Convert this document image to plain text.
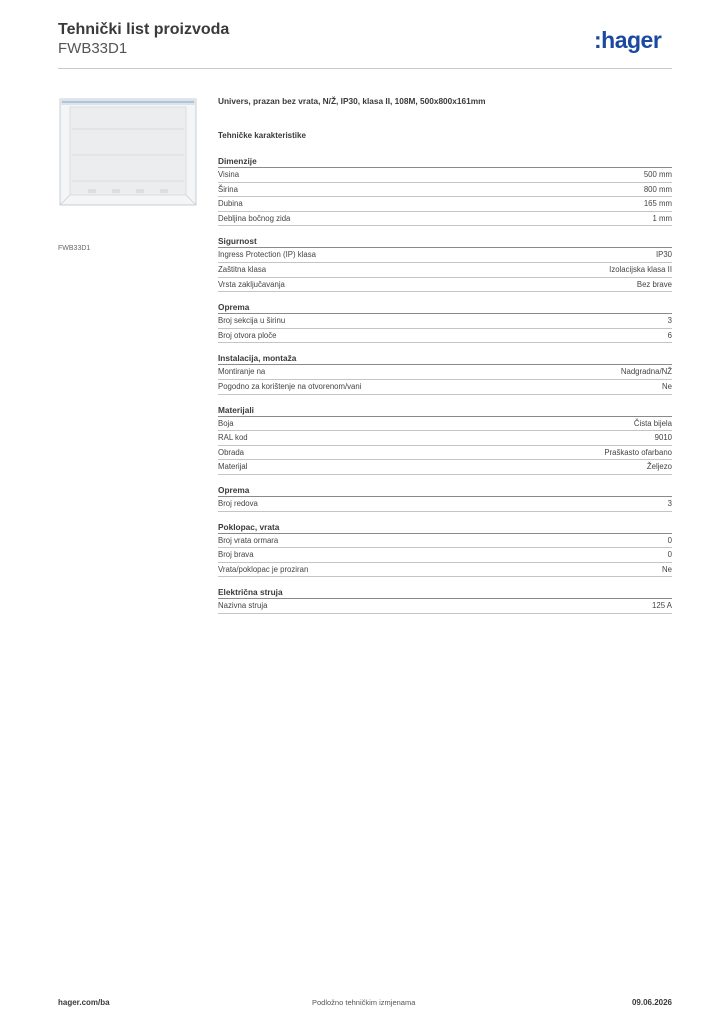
Tehnički list proizvoda
FWB33D1	:hager
FWB33D1
Univers, prazan bez vrata, N/Ž, IP30, klasa II, 108M, 500x800x161mm
Tehničke karakteristike
Dimenzije
Visina	500 mm
Širina	800 mm
Dubina	165 mm
Debljina bočnog zida	1 mm
Sigurnost
Ingress Protection (IP) klasa	IP30
Zaštitna klasa	Izolacijska klasa II
Vrsta zaključavanja	Bez brave
Oprema
Broj sekcija u širinu	3
Broj otvora ploče	6
Instalacija, montaža
Montiranje na	Nadgradna/NŽ
Pogodno za korištenje na otvorenom/vani	Ne
Materijali
Boja	Čista bijela
RAL kod	9010
Obrada	Praškasto ofarbano
Materijal	Željezo
Oprema
Broj redova	3
Poklopac, vrata
Broj vrata ormara	0
Broj brava	0
Vrata/poklopac je proziran	Ne
Električna struja
Nazivna struja	125 A
hager.com/ba	Podložno tehničkim izmjenama	09.06.2026
